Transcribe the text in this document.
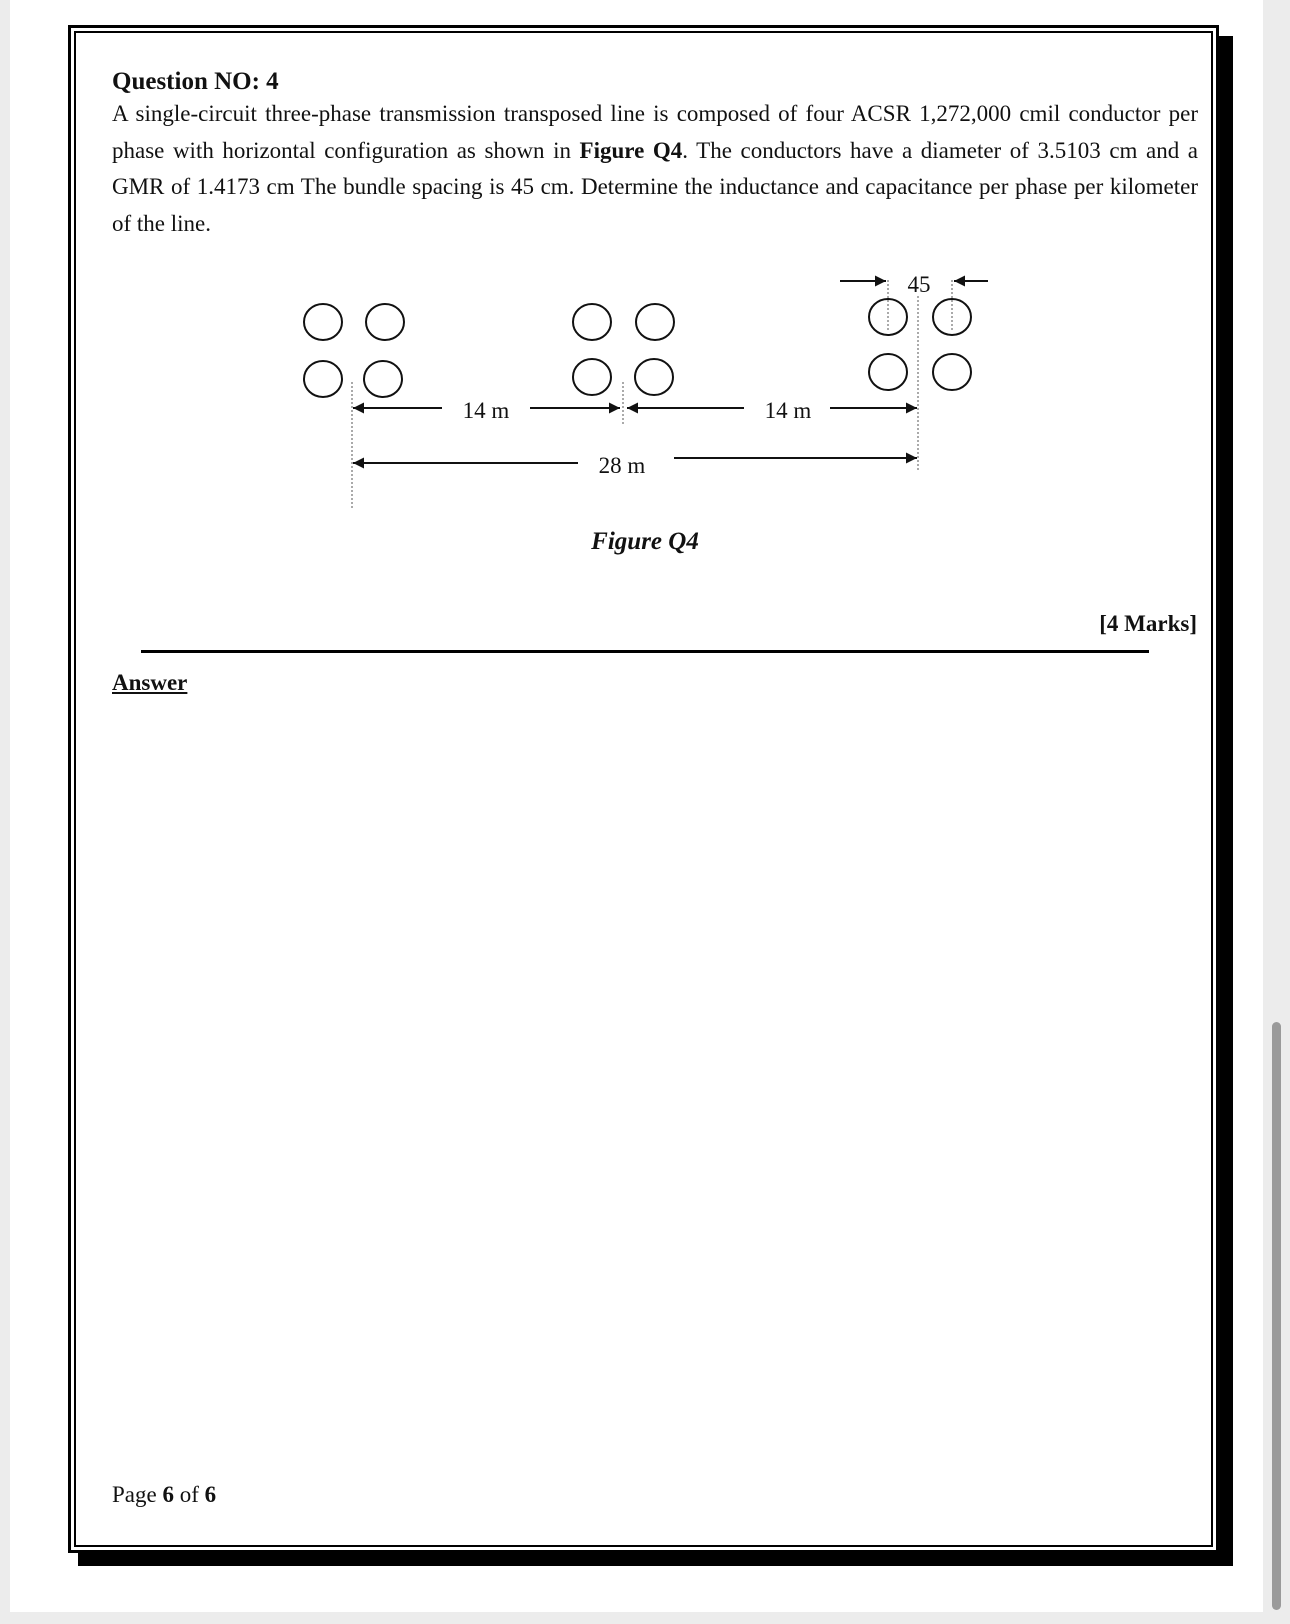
Question NO: 4
A single-circuit three-phase transmission transposed line is composed of four ACSR 1,272,000 cmil conductor per phase with horizontal configuration as shown in Figure Q4. The conductors have a diameter of 3.5103 cm and a GMR of 1.4173 cm The bundle spacing is 45 cm. Determine the inductance and capacitance per phase per kilometer of the line.
14 m	14 m
28 m
45
Figure Q4
[4 Marks]
Answer
Page 6 of 6
